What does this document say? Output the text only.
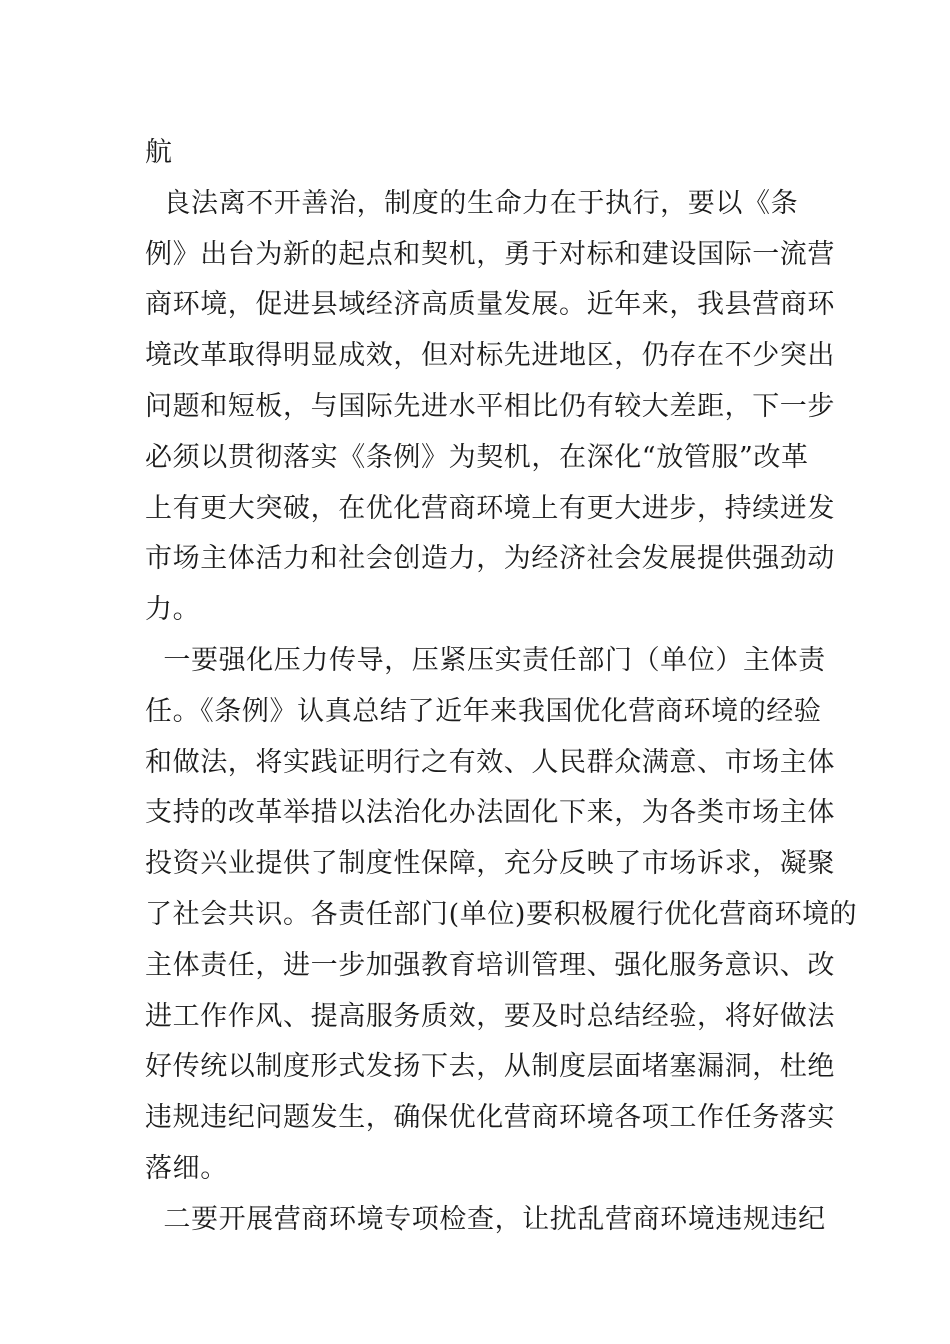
航
良法离不开善治，制度的生命力在于执行，要以《条
例》出台为新的起点和契机，勇于对标和建设国际一流营
商环境，促进县域经济高质量发展。近年来，我县营商环
境改革取得明显成效，但对标先进地区，仍存在不少突出
问题和短板，与国际先进水平相比仍有较大差距，下一步
必须以贯彻落实《条例》为契机，在深化“放管服”改革
上有更大突破，在优化营商环境上有更大进步，持续迸发
市场主体活力和社会创造力，为经济社会发展提供强劲动
力。
一要强化压力传导，压紧压实责任部门（单位）主体责
任。《条例》认真总结了近年来我国优化营商环境的经验
和做法，将实践证明行之有效、人民群众满意、市场主体
支持的改革举措以法治化办法固化下来，为各类市场主体
投资兴业提供了制度性保障，充分反映了市场诉求，凝聚
了社会共识。各责任部门(单位)要积极履行优化营商环境的
主体责任，进一步加强教育培训管理、强化服务意识、改
进工作作风、提高服务质效，要及时总结经验，将好做法
好传统以制度形式发扬下去，从制度层面堵塞漏洞，杜绝
违规违纪问题发生，确保优化营商环境各项工作任务落实
落细。
二要开展营商环境专项检查，让扰乱营商环境违规违纪
